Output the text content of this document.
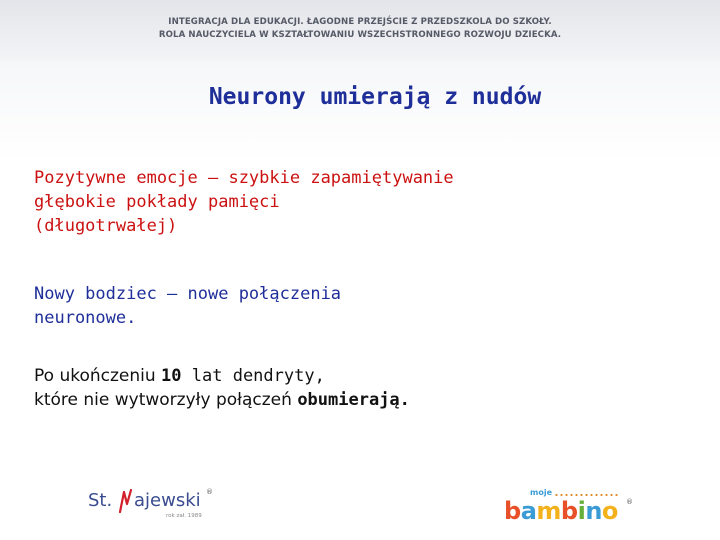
INTEGRACJA DLA EDUKACJI. ŁAGODNE PRZEJŚCIE Z PRZEDSZKOLA DO SZKOŁY.
ROLA NAUCZYCIELA W KSZTAŁTOWANIU WSZECHSTRONNEGO ROZWOJU DZIECKA.
Neurony umierają z nudów
Pozytywne emocje – szybkie zapamiętywanie
głębokie pokłady pamięci
(długotrwałej)
Nowy bodziec – nowe połączenia
neuronowe.
Po ukończeniu 10 lat dendryty,
które nie wytworzyły połączeń obumierają.
St. ajewski ®
rok zał. 1989
moje
bambino ®
